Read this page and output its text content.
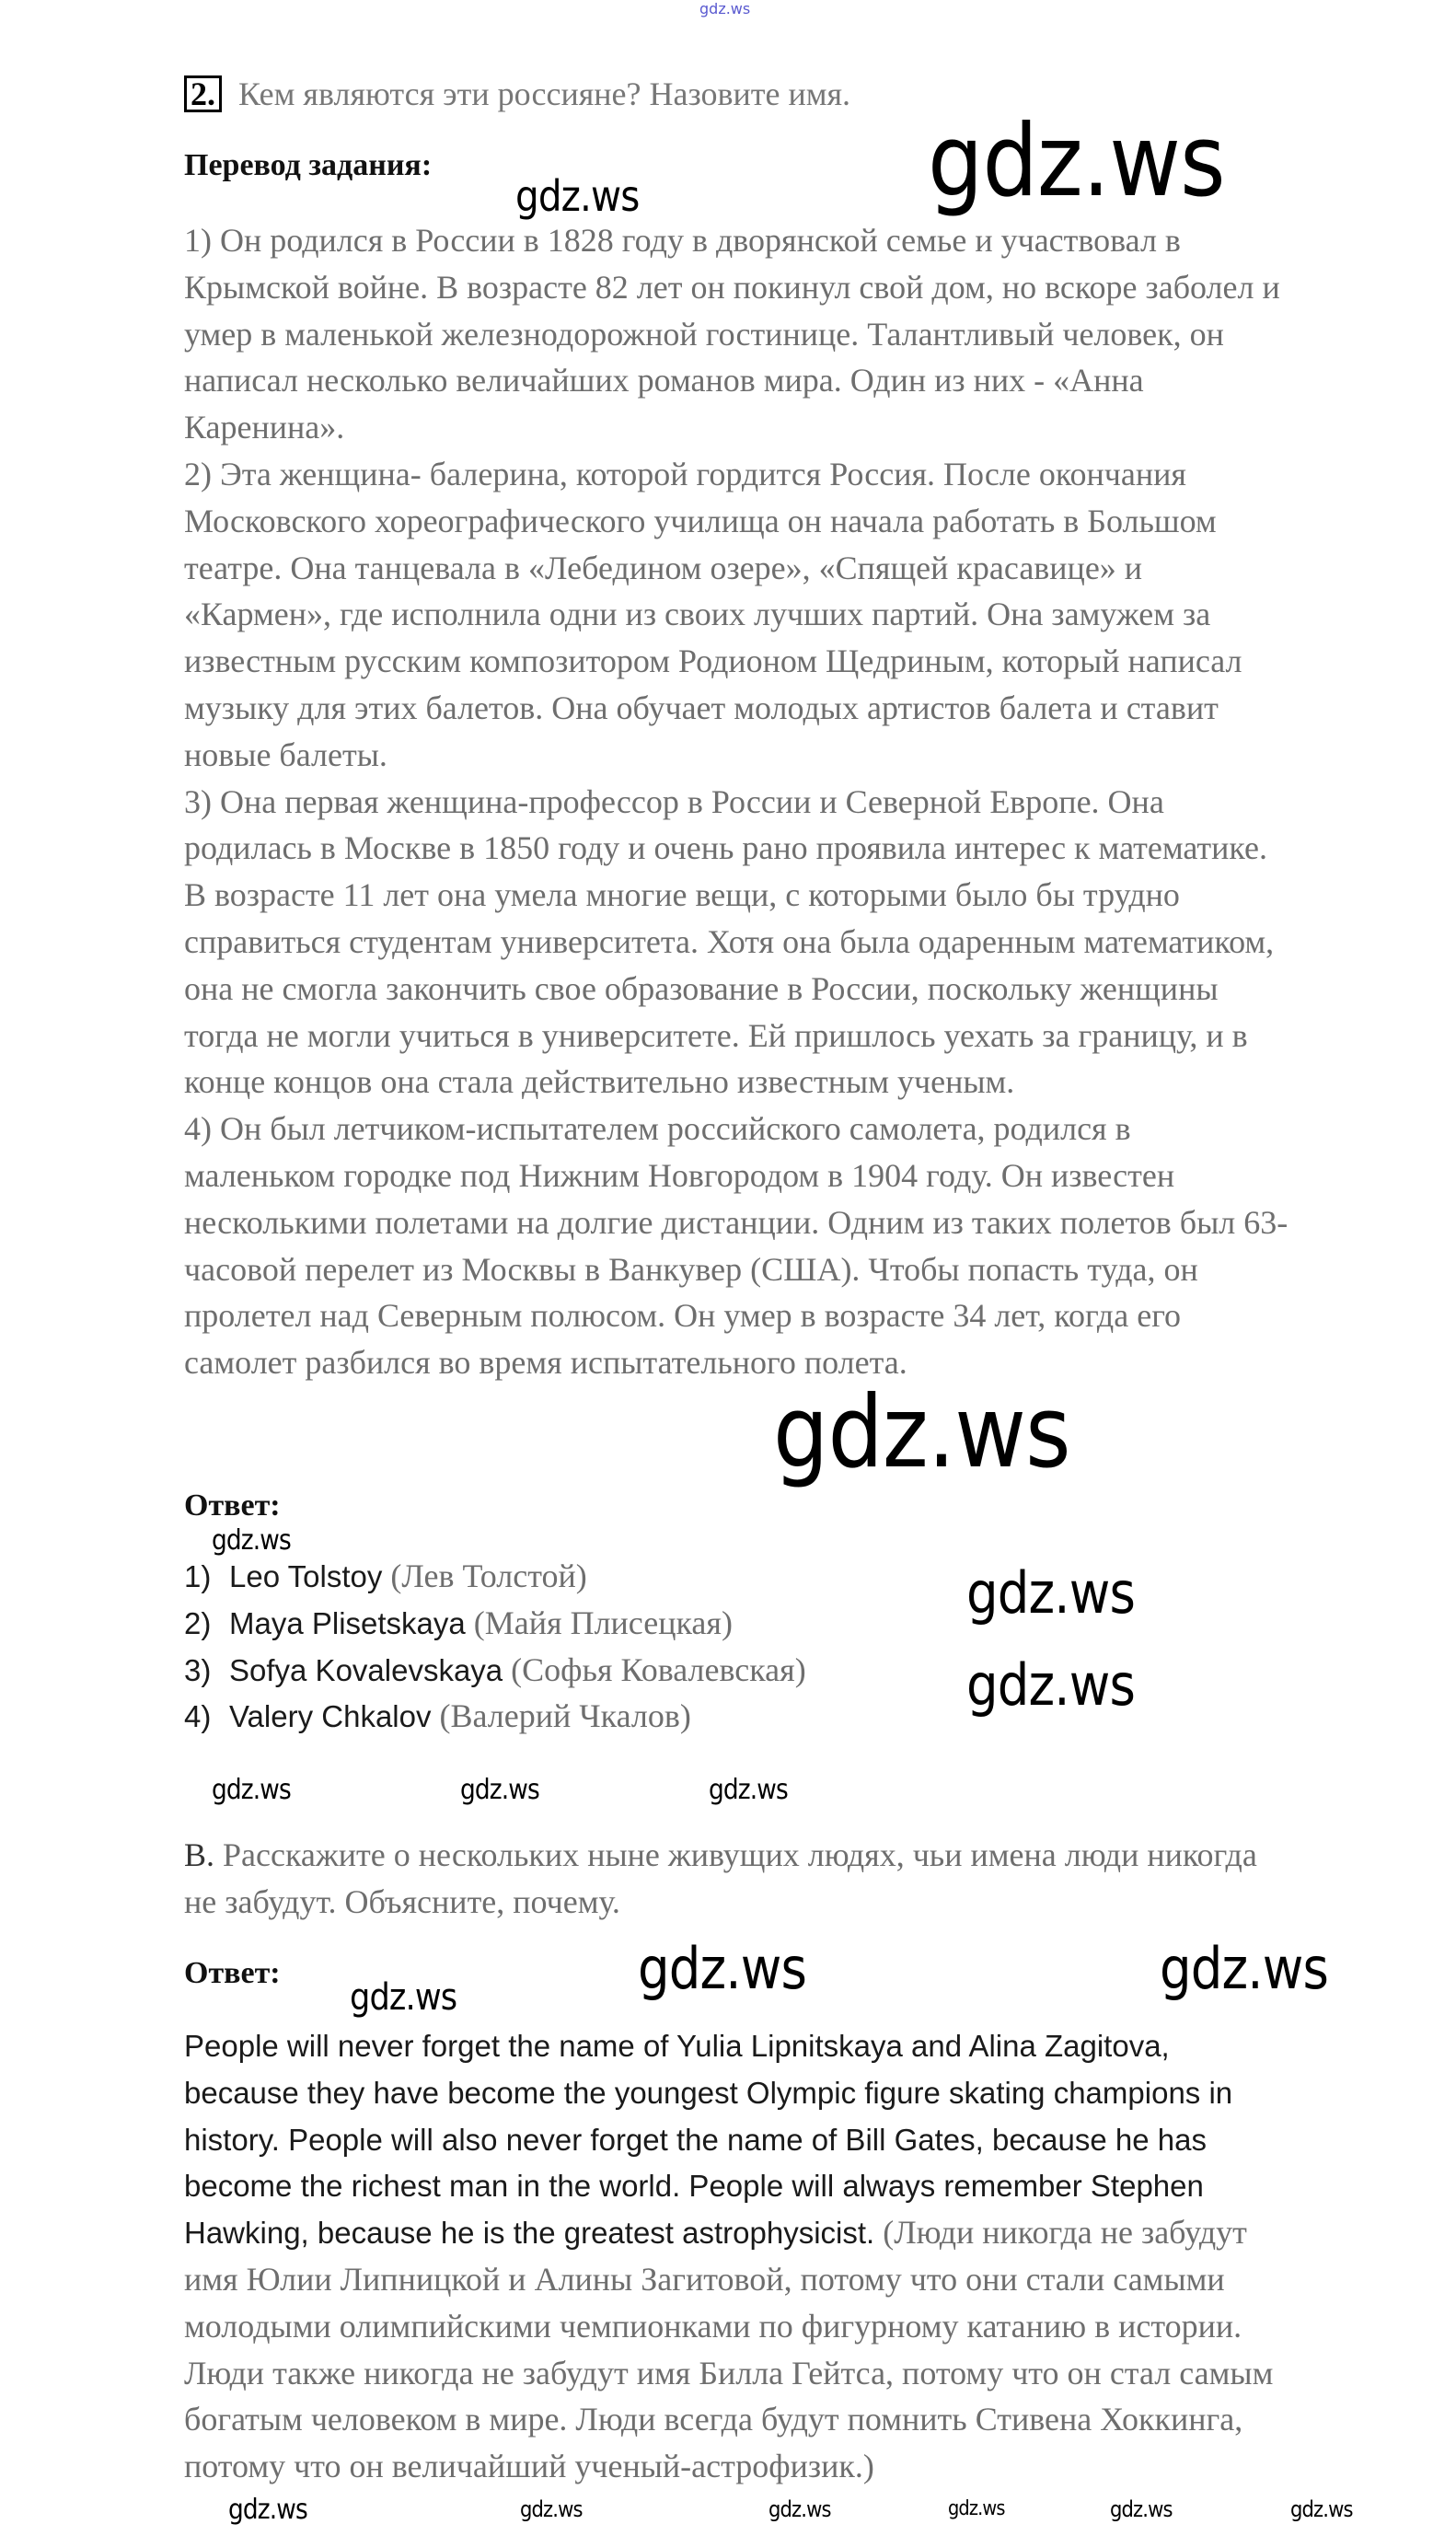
gdz.ws
2. Кем являются эти россияне? Назовите имя.
Перевод задания:
1) Он родился в России в 1828 году в дворянской семье и участвовал в
Крымской войне. В возрасте 82 лет он покинул свой дом, но вскоре заболел и
умер в маленькой железнодорожной гостинице. Талантливый человек, он
написал несколько величайших романов мира. Один из них - «Анна
Каренина».
2) Эта женщина- балерина, которой гордится Россия. После окончания
Московского хореографического училища он начала работать в Большом
театре. Она танцевала в «Лебедином озере», «Спящей красавице» и
«Кармен», где исполнила одни из своих лучших партий. Она замужем за
известным русским композитором Родионом Щедриным, который написал
музыку для этих балетов. Она обучает молодых артистов балета и ставит
новые балеты.
3) Она первая женщина-профессор в России и Северной Европе. Она
родилась в Москве в 1850 году и очень рано проявила интерес к математике.
В возрасте 11 лет она умела многие вещи, с которыми было бы трудно
справиться студентам университета. Хотя она была одаренным математиком,
она не смогла закончить свое образование в России, поскольку женщины
тогда не могли учиться в университете. Ей пришлось уехать за границу, и в
конце концов она стала действительно известным ученым.
4) Он был летчиком-испытателем российского самолета, родился в
маленьком городке под Нижним Новгородом в 1904 году. Он известен
несколькими полетами на долгие дистанции. Одним из таких полетов был 63-
часовой перелет из Москвы в Ванкувер (США). Чтобы попасть туда, он
пролетел над Северным полюсом. Он умер в возрасте 34 лет, когда его
самолет разбился во время испытательного полета.
Ответ:
1) Leo Tolstoy (Лев Толстой)
2) Maya Plisetskaya (Майя Плисецкая)
3) Sofya Kovalevskaya (Софья Ковалевская)
4) Valery Chkalov (Валерий Чкалов)
B. Расскажите о нескольких ныне живущих людях, чьи имена люди никогда
не забудут. Объясните, почему.
Ответ:
People will never forget the name of Yulia Lipnitskaya and Alina Zagitova,
because they have become the youngest Olympic figure skating champions in
history. People will also never forget the name of Bill Gates, because he has
become the richest man in the world. People will always remember Stephen
Hawking, because he is the greatest astrophysicist. (Люди никогда не забудут
имя Юлии Липницкой и Алины Загитовой, потому что они стали самыми
молодыми олимпийскими чемпионками по фигурному катанию в истории.
Люди также никогда не забудут имя Билла Гейтса, потому что он стал самым
богатым человеком в мире. Люди всегда будут помнить Стивена Хоккинга,
потому что он величайший ученый-астрофизик.)
gdz.ws
gdz.ws
gdz.ws
gdz.ws
gdz.ws	gdz.ws
gdz.ws
gdz.ws
gdz.ws
gdz.ws	gdz.ws
gdz.ws
gdz.ws	gdz.ws	gdz.ws	gdz.ws	gdz.ws	gdz.ws
